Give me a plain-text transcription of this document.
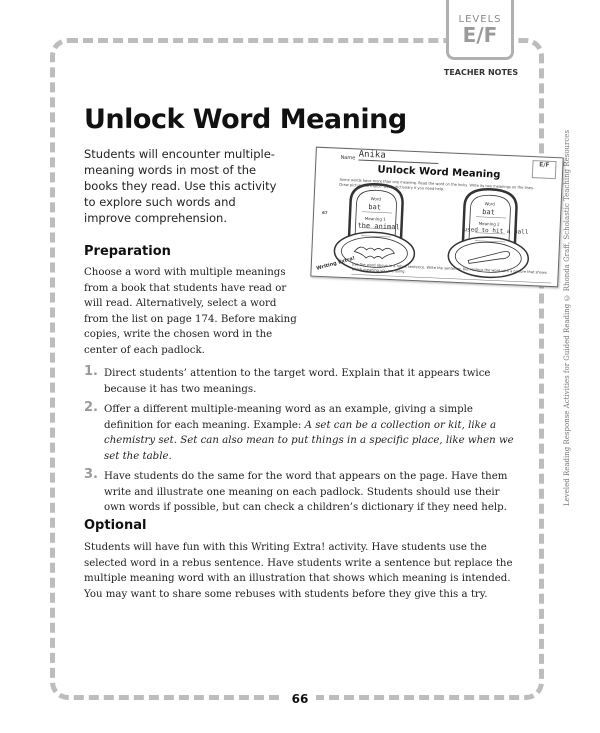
LEVELS
E/F
TEACHER NOTES
Leveled Reading Response Activities for Guided Reading © Rhonda Graff, Scholastic Teaching Resources
Unlock Word Meaning
Students will encounter multiple-meaning words in most of the books they read. Use this activity to explore such words and improve comprehension.
Name Anika
E/F
Unlock Word Meaning
Some words have more than one meaning. Read the word on the locks. Write its two meanings on the lines. Draw pictures to match. Use a dictionary if you need help.
67
Word
bat
Meaning 1
the animal
Word
bat
Meaning 2
used to hit a ball
Writing Extra!
Use the word above in a rebus sentence. Write the sentence, but replace the word with a picture that shows which meaning you are using.
Preparation
Choose a word with multiple meanings from a book that students have read or will read. Alternatively, select a word from the list on page 174. Before making copies, write the chosen word in the center of each padlock.
1. Direct students’ attention to the target word. Explain that it appears twice because it has two meanings.
2. Offer a different multiple-meaning word as an example, giving a simple definition for each meaning. Example: A set can be a collection or kit, like a chemistry set. Set can also mean to put things in a specific place, like when we set the table.
3. Have students do the same for the word that appears on the page. Have them write and illustrate one meaning on each padlock. Students should use their own words if possible, but can check a children’s dictionary if they need help.
Optional
Students will have fun with this Writing Extra! activity. Have students use the selected word in a rebus sentence. Have students write a sentence but replace the multiple meaning word with an illustration that shows which meaning is intended. You may want to share some rebuses with students before they give this a try.
66
